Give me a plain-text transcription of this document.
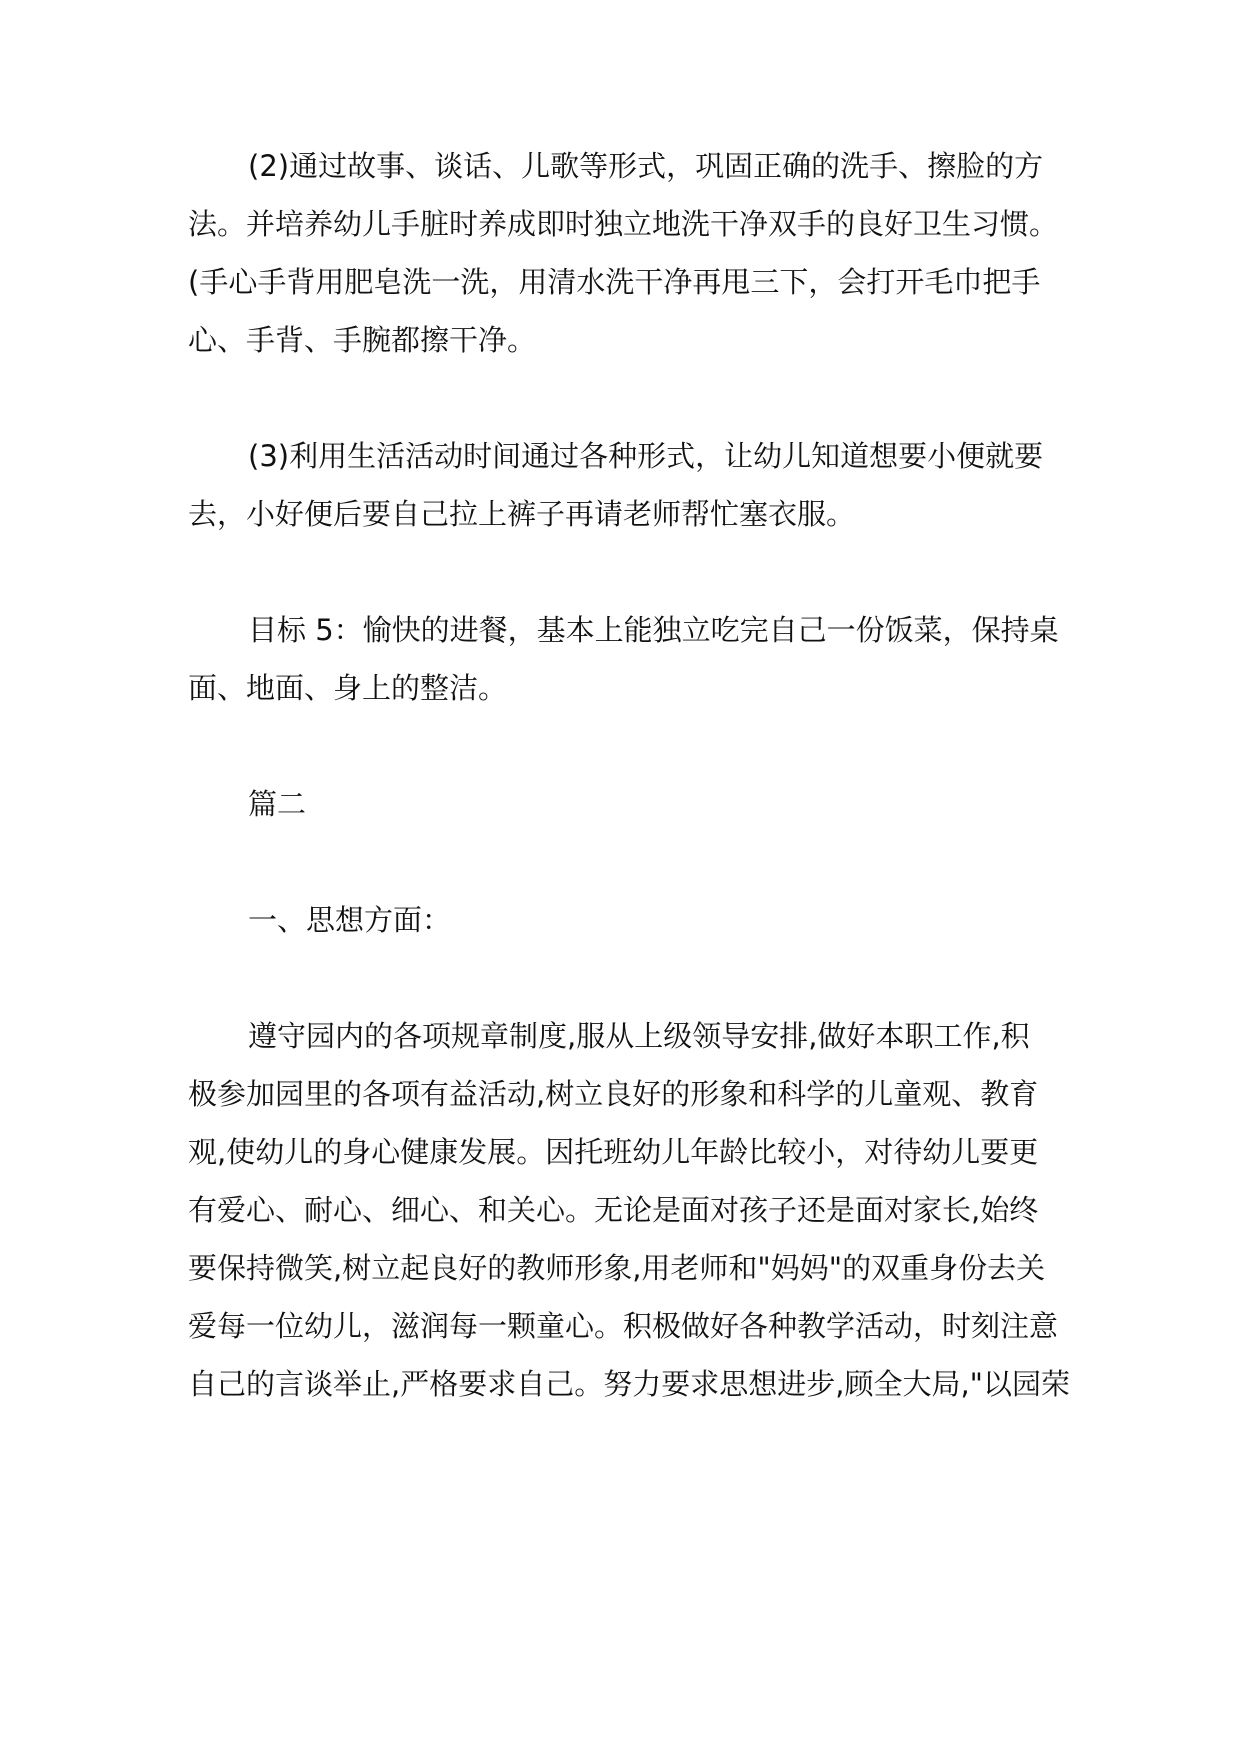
(2)通过故事、谈话、儿歌等形式，巩固正确的洗手、擦脸的方

法。并培养幼儿手脏时养成即时独立地洗干净双手的良好卫生习惯。

(手心手背用肥皂洗一洗，用清水洗干净再甩三下，会打开毛巾把手

心、手背、手腕都擦干净。

(3)利用生活活动时间通过各种形式，让幼儿知道想要小便就要

去，小好便后要自己拉上裤子再请老师帮忙塞衣服。

目标 5：愉快的进餐，基本上能独立吃完自己一份饭菜，保持桌

面、地面、身上的整洁。

篇二

一、思想方面：

遵守园内的各项规章制度,服从上级领导安排,做好本职工作,积

极参加园里的各项有益活动,树立良好的形象和科学的儿童观、教育

观,使幼儿的身心健康发展。因托班幼儿年龄比较小，对待幼儿要更

有爱心、耐心、细心、和关心。无论是面对孩子还是面对家长,始终

要保持微笑,树立起良好的教师形象,用老师和"妈妈"的双重身份去关

爱每一位幼儿，滋润每一颗童心。积极做好各种教学活动，时刻注意

自己的言谈举止,严格要求自己。努力要求思想进步,顾全大局,"以园荣
